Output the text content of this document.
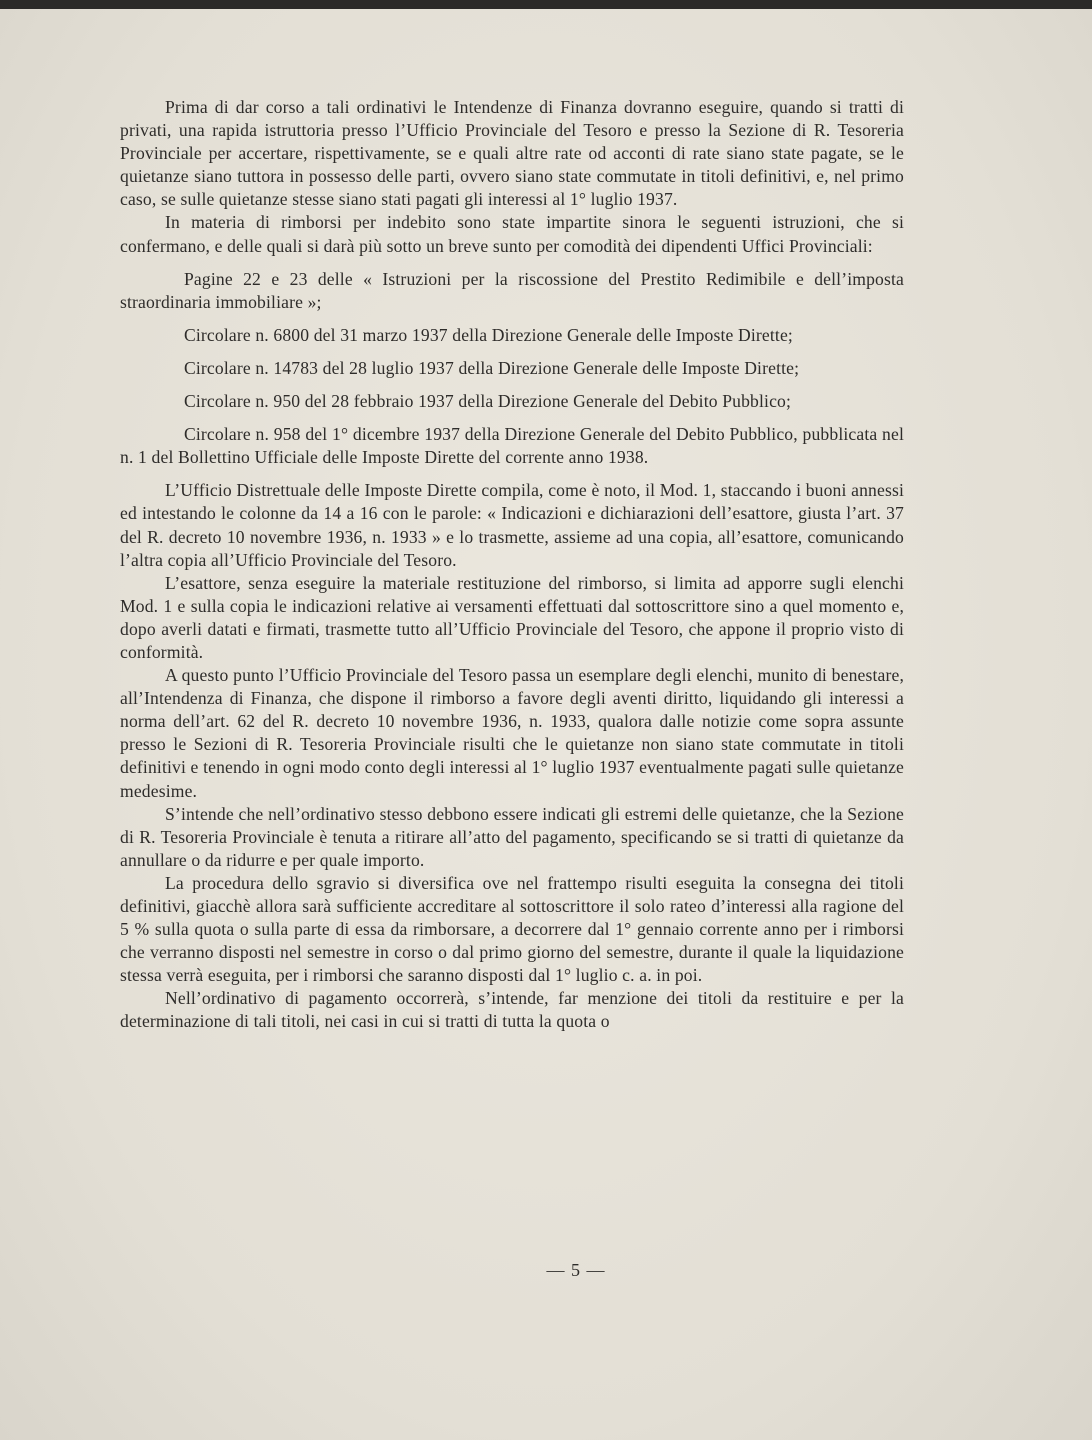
Prima di dar corso a tali ordinativi le Intendenze di Finanza dovranno eseguire, quando si tratti di privati, una rapida istruttoria presso l’Ufficio Provinciale del Tesoro e presso la Sezione di R. Tesoreria Provinciale per accertare, rispettivamente, se e quali altre rate od acconti di rate siano state pagate, se le quietanze siano tuttora in possesso delle parti, ovvero siano state commutate in titoli definitivi, e, nel primo caso, se sulle quietanze stesse siano stati pagati gli interessi al 1° luglio 1937.

In materia di rimborsi per indebito sono state impartite sinora le seguenti istruzioni, che si confermano, e delle quali si darà più sotto un breve sunto per comodità dei dipendenti Uffici Provinciali:

Pagine 22 e 23 delle « Istruzioni per la riscossione del Prestito Redimibile e dell’imposta straordinaria immobiliare »;

Circolare n. 6800 del 31 marzo 1937 della Direzione Generale delle Imposte Dirette;

Circolare n. 14783 del 28 luglio 1937 della Direzione Generale delle Imposte Dirette;

Circolare n. 950 del 28 febbraio 1937 della Direzione Generale del Debito Pubblico;

Circolare n. 958 del 1° dicembre 1937 della Direzione Generale del Debito Pubblico, pubblicata nel n. 1 del Bollettino Ufficiale delle Imposte Dirette del corrente anno 1938.

L’Ufficio Distrettuale delle Imposte Dirette compila, come è noto, il Mod. 1, staccando i buoni annessi ed intestando le colonne da 14 a 16 con le parole: « Indicazioni e dichiarazioni dell’esattore, giusta l’art. 37 del R. decreto 10 novembre 1936, n. 1933 » e lo trasmette, assieme ad una copia, all’esattore, comunicando l’altra copia all’Ufficio Provinciale del Tesoro.

L’esattore, senza eseguire la materiale restituzione del rimborso, si limita ad apporre sugli elenchi Mod. 1 e sulla copia le indicazioni relative ai versamenti effettuati dal sottoscrittore sino a quel momento e, dopo averli datati e firmati, trasmette tutto all’Ufficio Provinciale del Tesoro, che appone il proprio visto di conformità.

A questo punto l’Ufficio Provinciale del Tesoro passa un esemplare degli elenchi, munito di benestare, all’Intendenza di Finanza, che dispone il rimborso a favore degli aventi diritto, liquidando gli interessi a norma dell’art. 62 del R. decreto 10 novembre 1936, n. 1933, qualora dalle notizie come sopra assunte presso le Sezioni di R. Tesoreria Provinciale risulti che le quietanze non siano state commutate in titoli definitivi e tenendo in ogni modo conto degli interessi al 1° luglio 1937 eventualmente pagati sulle quietanze medesime.

S’intende che nell’ordinativo stesso debbono essere indicati gli estremi delle quietanze, che la Sezione di R. Tesoreria Provinciale è tenuta a ritirare all’atto del pagamento, specificando se si tratti di quietanze da annullare o da ridurre e per quale importo.

La procedura dello sgravio si diversifica ove nel frattempo risulti eseguita la consegna dei titoli definitivi, giacchè allora sarà sufficiente accreditare al sottoscrittore il solo rateo d’interessi alla ragione del 5 % sulla quota o sulla parte di essa da rimborsare, a decorrere dal 1° gennaio corrente anno per i rimborsi che verranno disposti nel semestre in corso o dal primo giorno del semestre, durante il quale la liquidazione stessa verrà eseguita, per i rimborsi che saranno disposti dal 1° luglio c. a. in poi.

Nell’ordinativo di pagamento occorrerà, s’intende, far menzione dei titoli da restituire e per la determinazione di tali titoli, nei casi in cui si tratti di tutta la quota o

— 5 —
